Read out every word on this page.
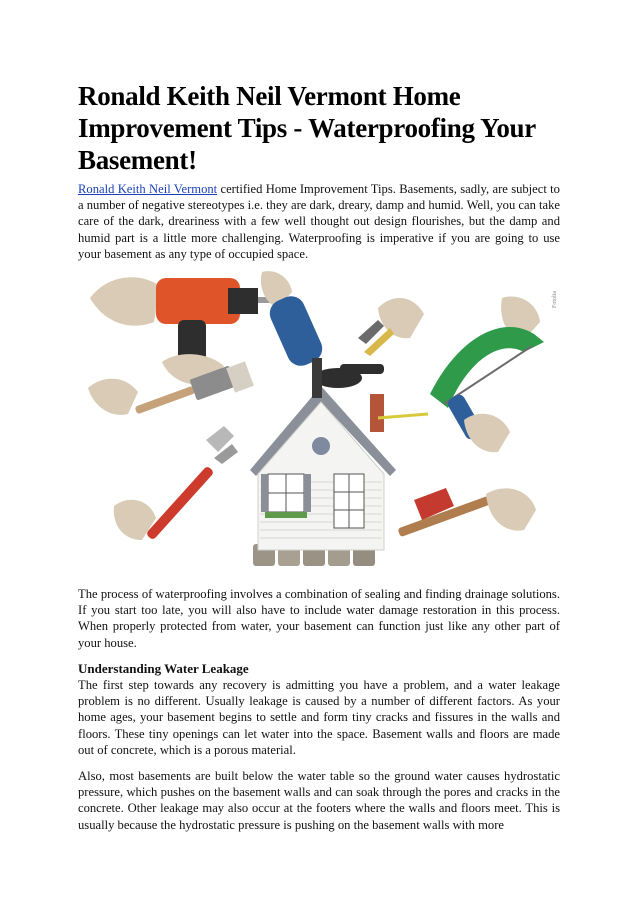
Ronald Keith Neil Vermont Home Improvement Tips - Waterproofing Your Basement!

Ronald Keith Neil Vermont certified Home Improvement Tips. Basements, sadly, are subject to a number of negative stereotypes i.e. they are dark, dreary, damp and humid. Well, you can take care of the dark, dreariness with a few well thought out design flourishes, but the damp and humid part is a little more challenging. Waterproofing is imperative if you are going to use your basement as any type of occupied space.

Fotolia

The process of waterproofing involves a combination of sealing and finding drainage solutions. If you start too late, you will also have to include water damage restoration in this process. When properly protected from water, your basement can function just like any other part of your house.

Understanding Water Leakage

The first step towards any recovery is admitting you have a problem, and a water leakage problem is no different. Usually leakage is caused by a number of different factors. As your home ages, your basement begins to settle and form tiny cracks and fissures in the walls and floors. These tiny openings can let water into the space. Basement walls and floors are made out of concrete, which is a porous material.

Also, most basements are built below the water table so the ground water causes hydrostatic pressure, which pushes on the basement walls and can soak through the pores and cracks in the concrete. Other leakage may also occur at the footers where the walls and floors meet. This is usually because the hydrostatic pressure is pushing on the basement walls with more
